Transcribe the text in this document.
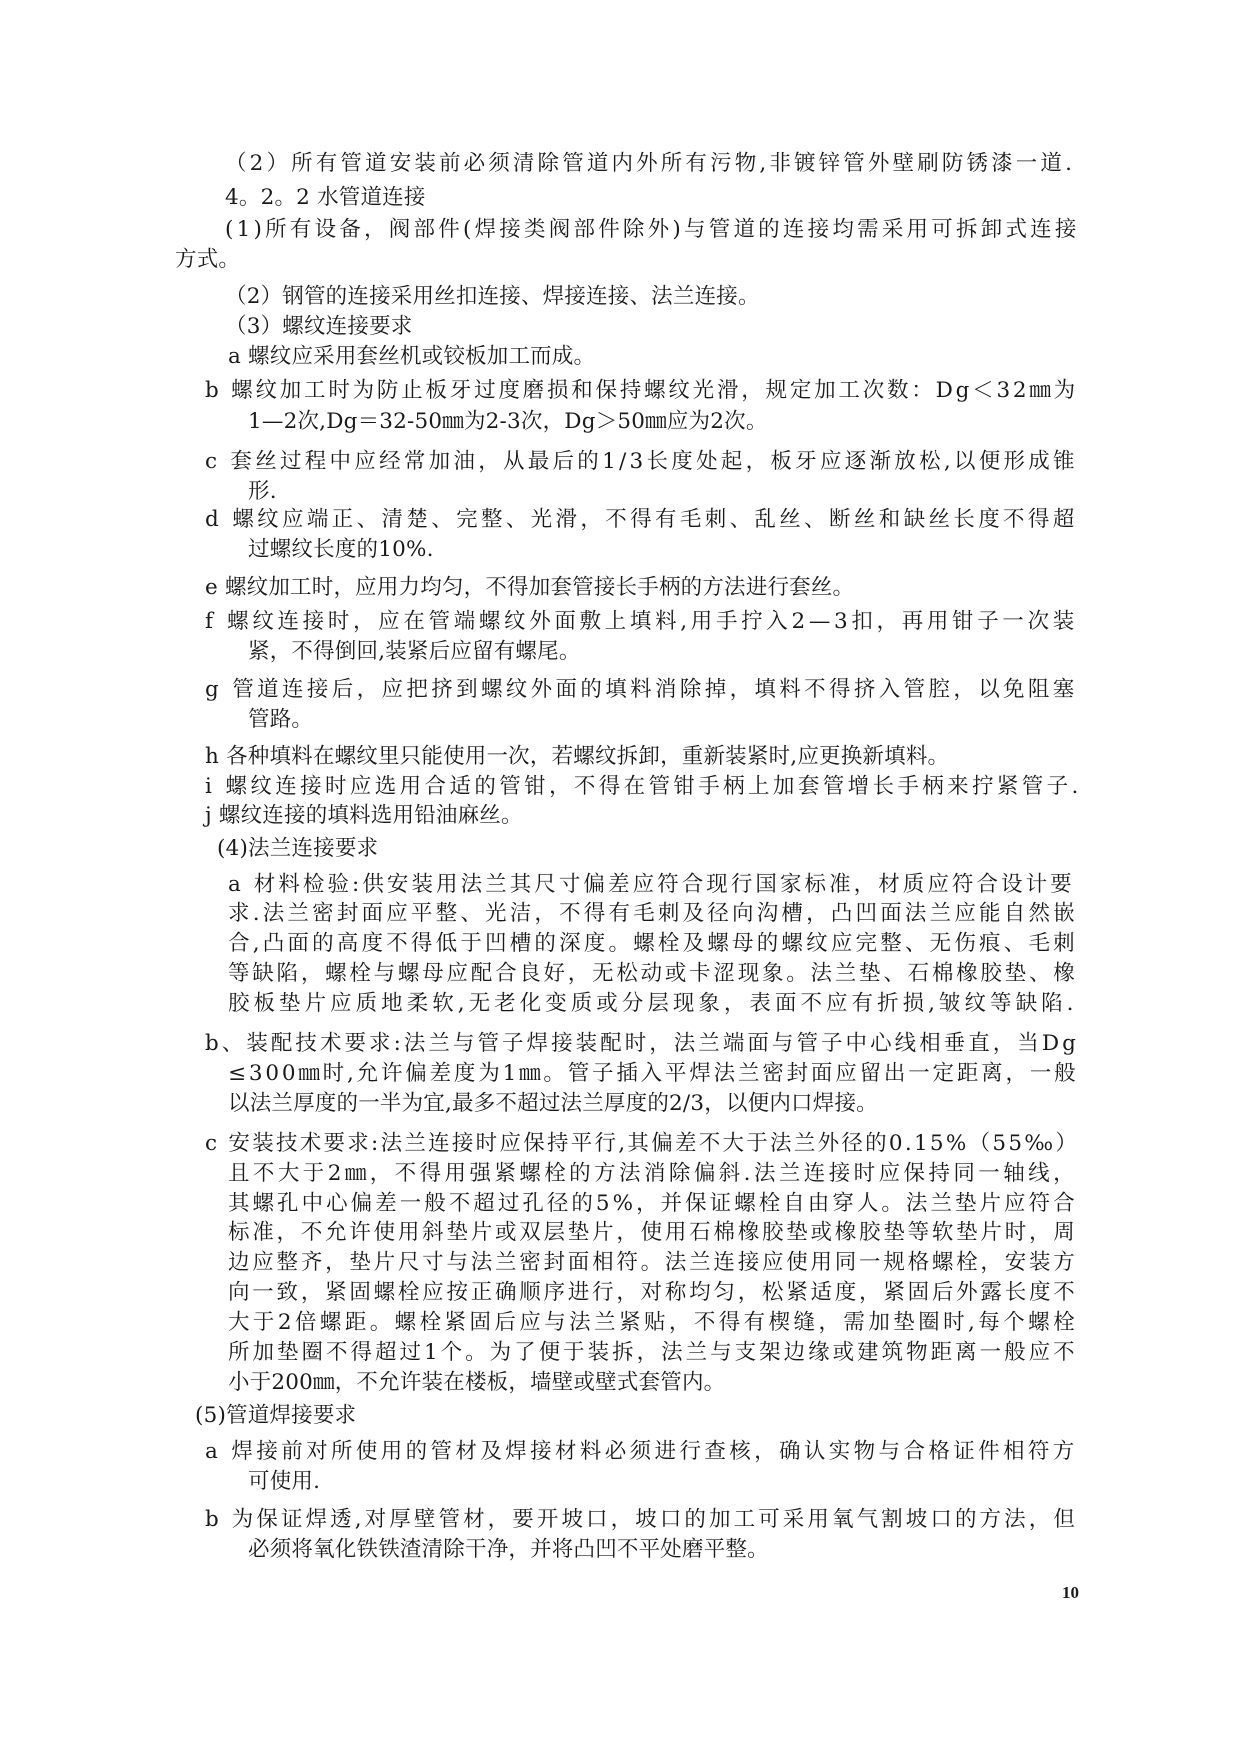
（2）所有管道安装前必须清除管道内外所有污物,非镀锌管外壁刷防锈漆一道.
4。2。2 水管道连接
(1)所有设备，阀部件(焊接类阀部件除外)与管道的连接均需采用可拆卸式连接
方式。
（2）钢管的连接采用丝扣连接、焊接连接、法兰连接。
（3）螺纹连接要求
a 螺纹应采用套丝机或铰板加工而成。
b 螺纹加工时为防止板牙过度磨损和保持螺纹光滑，规定加工次数：Dg＜32㎜为
1—2次,Dg＝32-50㎜为2-3次，Dg＞50㎜应为2次。
c 套丝过程中应经常加油，从最后的1/3长度处起，板牙应逐渐放松,以便形成锥
形.
d 螺纹应端正、清楚、完整、光滑，不得有毛刺、乱丝、断丝和缺丝长度不得超
过螺纹长度的10%.
e 螺纹加工时，应用力均匀，不得加套管接长手柄的方法进行套丝。
f 螺纹连接时，应在管端螺纹外面敷上填料,用手拧入2—3扣，再用钳子一次装
紧，不得倒回,装紧后应留有螺尾。
g 管道连接后，应把挤到螺纹外面的填料消除掉，填料不得挤入管腔，以免阻塞
管路。
h 各种填料在螺纹里只能使用一次，若螺纹拆卸，重新装紧时,应更换新填料。
i 螺纹连接时应选用合适的管钳，不得在管钳手柄上加套管增长手柄来拧紧管子.
j 螺纹连接的填料选用铅油麻丝。
(4)法兰连接要求
a 材料检验:供安装用法兰其尺寸偏差应符合现行国家标准，材质应符合设计要
求.法兰密封面应平整、光洁，不得有毛刺及径向沟槽，凸凹面法兰应能自然嵌
合,凸面的高度不得低于凹槽的深度。螺栓及螺母的螺纹应完整、无伤痕、毛刺
等缺陷，螺栓与螺母应配合良好，无松动或卡涩现象。法兰垫、石棉橡胶垫、橡
胶板垫片应质地柔软,无老化变质或分层现象，表面不应有折损,皱纹等缺陷.
b、装配技术要求:法兰与管子焊接装配时，法兰端面与管子中心线相垂直，当Dg
≤300㎜时,允许偏差度为1㎜。管子插入平焊法兰密封面应留出一定距离，一般
以法兰厚度的一半为宜,最多不超过法兰厚度的2/3，以便内口焊接。
c 安装技术要求:法兰连接时应保持平行,其偏差不大于法兰外径的0.15%（55‰）
且不大于2㎜，不得用强紧螺栓的方法消除偏斜.法兰连接时应保持同一轴线，
其螺孔中心偏差一般不超过孔径的5%，并保证螺栓自由穿人。法兰垫片应符合
标准，不允许使用斜垫片或双层垫片，使用石棉橡胶垫或橡胶垫等软垫片时，周
边应整齐，垫片尺寸与法兰密封面相符。法兰连接应使用同一规格螺栓，安装方
向一致，紧固螺栓应按正确顺序进行，对称均匀，松紧适度，紧固后外露长度不
大于2倍螺距。螺栓紧固后应与法兰紧贴，不得有楔缝，需加垫圈时,每个螺栓
所加垫圈不得超过1个。为了便于装拆，法兰与支架边缘或建筑物距离一般应不
小于200㎜，不允许装在楼板，墙壁或壁式套管内。
(5)管道焊接要求
a 焊接前对所使用的管材及焊接材料必须进行查核，确认实物与合格证件相符方
可使用.
b 为保证焊透,对厚壁管材，要开坡口，坡口的加工可采用氧气割坡口的方法，但
必须将氧化铁铁渣清除干净，并将凸凹不平处磨平整。
10
